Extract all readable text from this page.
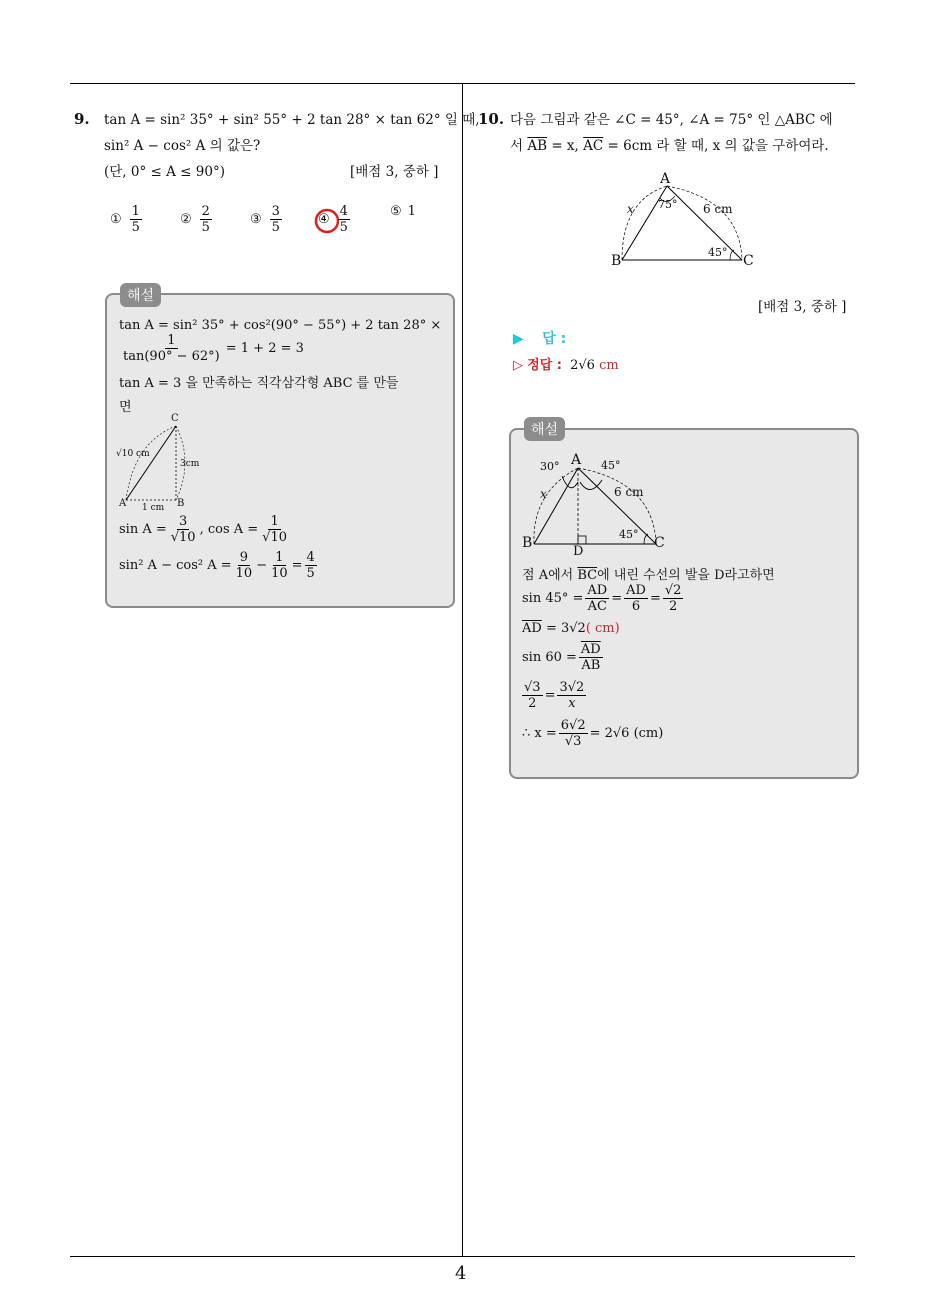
4
9. tan A = sin² 35° + sin² 55° + 2 tan 28° × tan 62° 일 때,
sin² A − cos² A 의 값은?
(단, 0° ≤ A ≤ 90°)	[배점 3, 중하 ]
① $\frac{1}{5}$	② $\frac{2}{5}$	③ $\frac{3}{5}$	④ $\frac{4}{5}$	⑤ 1
해설
tan A = sin² 35° + cos²(90° − 55°) + 2 tan 28° ×
$\frac{1}{\tan(90^\circ - 62^\circ)} = 1 + 2 = 3$
tan A = 3 을 만족하는 직각삼각형 ABC 를 만들
면
C
√10 cm
3cm
A 1 cm B
$\sin A = \frac{3}{√10}$ , $\cos A = \frac{1}{√10}$
sin² A − cos² $A = \frac{9}{10} - \frac{1}{10} = \frac{4}{5}$
10. 다음 그림과 같은 ∠C = 45°, ∠A = 75° 인 △ABC 에
서 $\overline{AB} = x$, $\overline{AC} = 6cm$ 라 할 때, x 의 값을 구하여라.
A
75°
x	6 cm
45°
B	C
[배점 3, 중하 ]
▶ 답 :
▷ 정답 : 2√6 cm
해설
30° A 45°
x	6 cm
45°
B	C
D
점 A에서 $\overline{BC}$에 내린 수선의 발을 D라고하면
$\sin 45^\circ = \frac{AD}{AC} = \frac{AD}{6} = \frac{√2}{2}$
$\overline{AD} = 3√2$( cm)
$\sin 60 = \frac{\overline{AD}}{AB}$
$\frac{√3}{2} = \frac{3√2}{x}$
∴ $x = \frac{6√2}{√3} = 2√6$ (cm)
